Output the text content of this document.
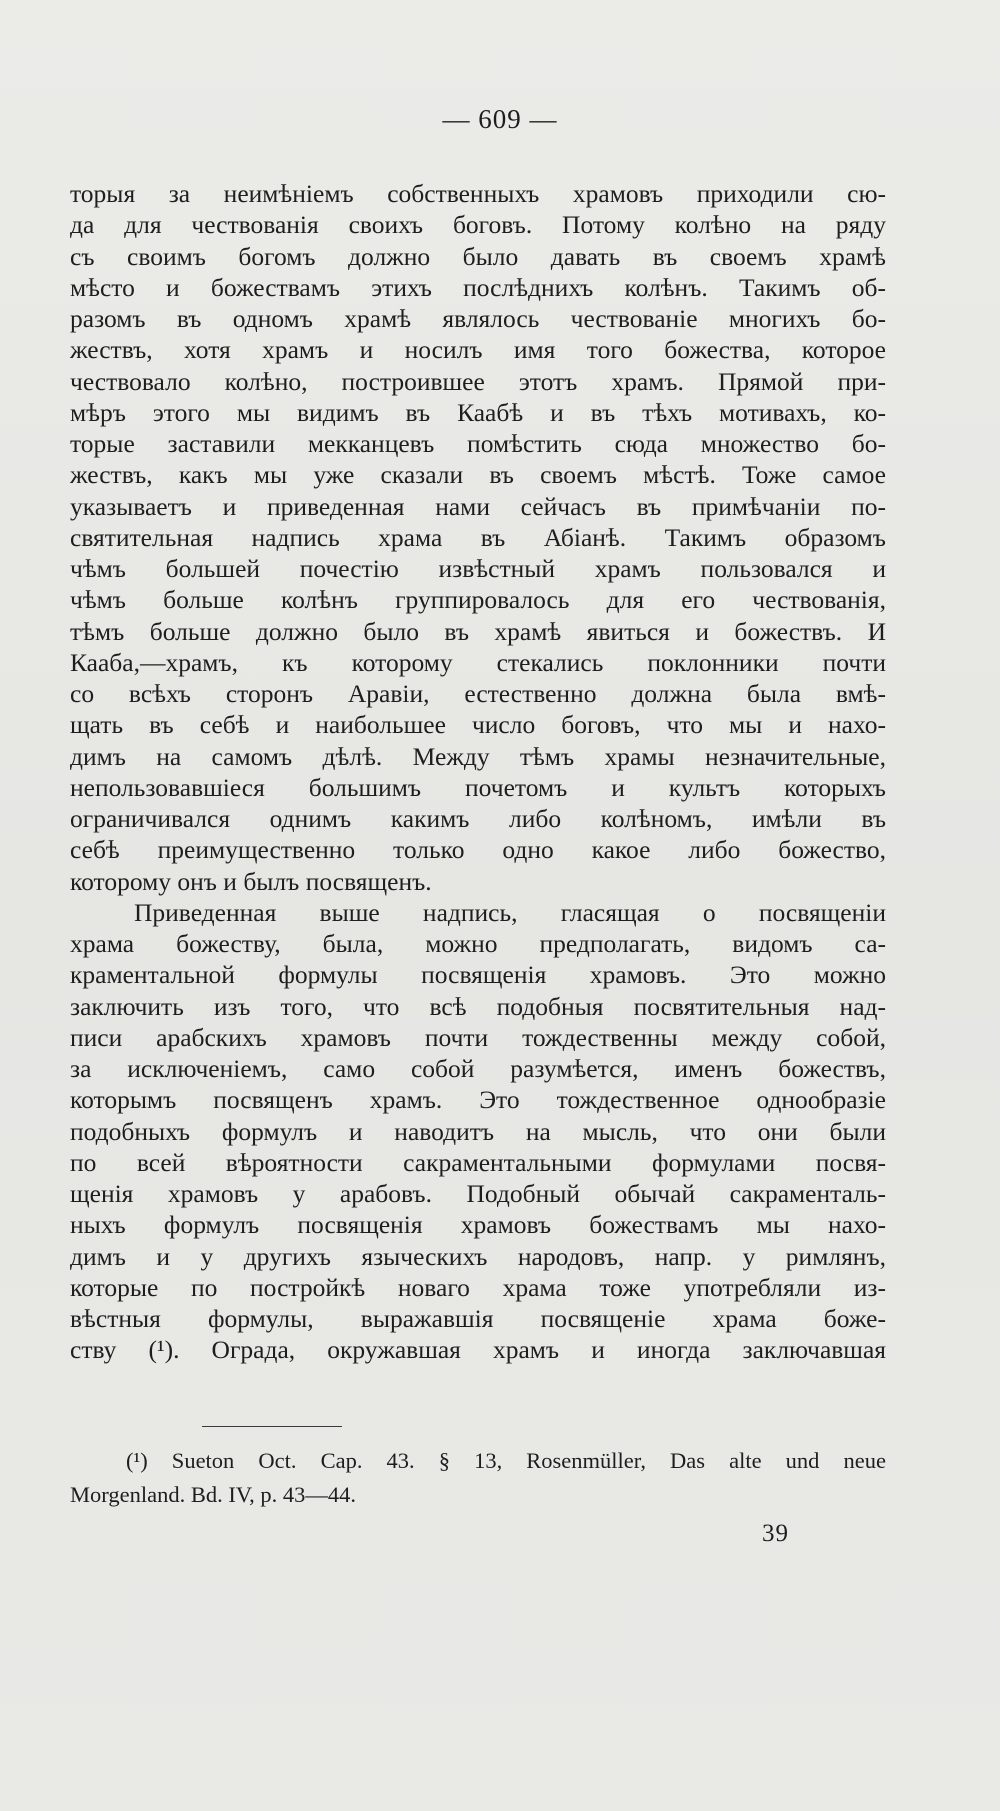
— 609 —
торыя за неимѣніемъ собственныхъ храмовъ приходили сю-
да для чествованія своихъ боговъ. Потому колѣно на ряду
съ своимъ богомъ должно было давать въ своемъ храмѣ
мѣсто и божествамъ этихъ послѣднихъ колѣнъ. Такимъ об-
разомъ въ одномъ храмѣ являлось чествованіе многихъ бо-
жествъ, хотя храмъ и носилъ имя того божества, которое
чествовало колѣно, построившее этотъ храмъ. Прямой при-
мѣръ этого мы видимъ въ Каабѣ и въ тѣхъ мотивахъ, ко-
торые заставили мекканцевъ помѣстить сюда множество бо-
жествъ, какъ мы уже сказали въ своемъ мѣстѣ. Тоже самое
указываетъ и приведенная нами сейчасъ въ примѣчаніи по-
святительная надпись храма въ Абіанѣ. Такимъ образомъ
чѣмъ большей почестію извѣстный храмъ пользовался и
чѣмъ больше колѣнъ группировалось для его чествованія,
тѣмъ больше должно было въ храмѣ явиться и божествъ. И
Кааба,—храмъ, къ которому стекались поклонники почти
со всѣхъ сторонъ Аравіи, естественно должна была вмѣ-
щать въ себѣ и наибольшее число боговъ, что мы и нахо-
димъ на самомъ дѣлѣ. Между тѣмъ храмы незначительные,
непользовавшіеся большимъ почетомъ и культъ которыхъ
ограничивался однимъ какимъ либо колѣномъ, имѣли въ
себѣ преимущественно только одно какое либо божество,
которому онъ и былъ посвященъ.
Приведенная выше надпись, гласящая о посвященіи
храма божеству, была, можно предполагать, видомъ са-
краментальной формулы посвященія храмовъ. Это можно
заключить изъ того, что всѣ подобныя посвятительныя над-
писи арабскихъ храмовъ почти тождественны между собой,
за исключеніемъ, само собой разумѣется, именъ божествъ,
которымъ посвященъ храмъ. Это тождественное однообразіе
подобныхъ формулъ и наводитъ на мысль, что они были
по всей вѣроятности сакраментальными формулами посвя-
щенія храмовъ у арабовъ. Подобный обычай сакраменталь-
ныхъ формулъ посвященія храмовъ божествамъ мы нахо-
димъ и у другихъ языческихъ народовъ, напр. у римлянъ,
которые по постройкѣ новаго храма тоже употребляли из-
вѣстныя формулы, выражавшія посвященіе храма боже-
ству (¹). Ограда, окружавшая храмъ и иногда заключавшая
(¹) Sueton Oct. Cap. 43. § 13, Rosenmüller, Das alte und neue
Morgenland. Bd. IV, p. 43—44.
39
